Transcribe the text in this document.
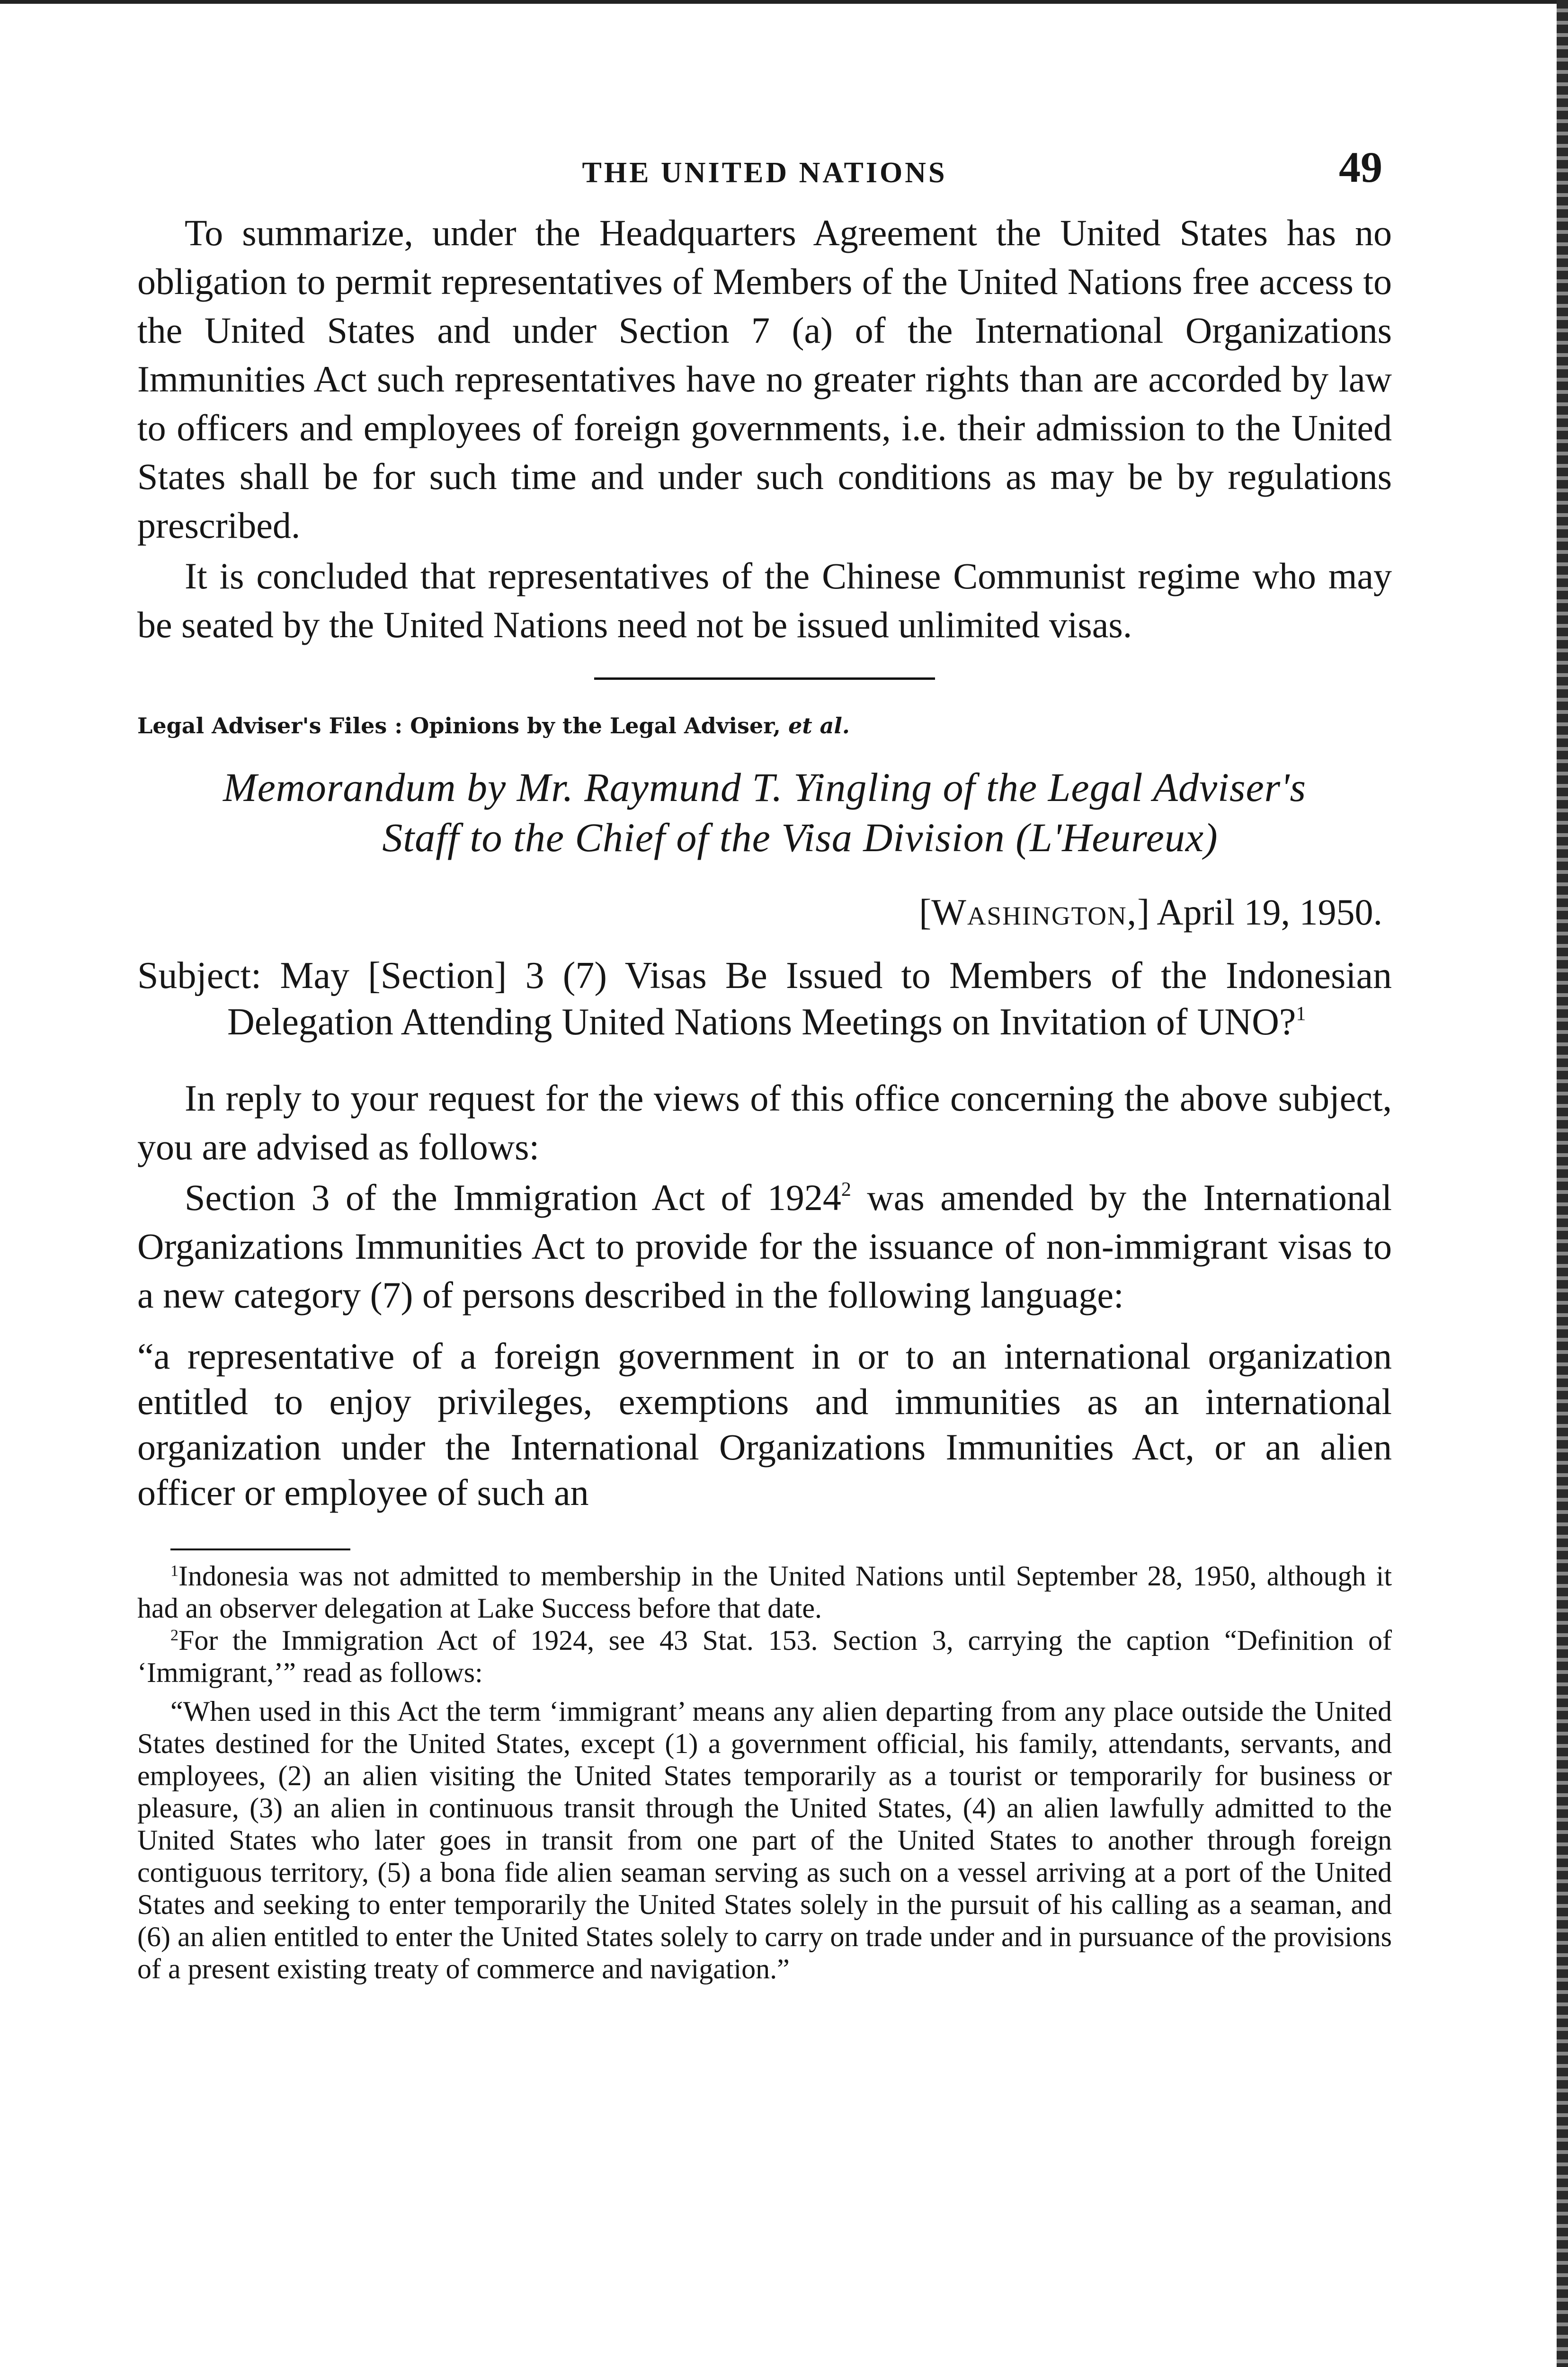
THE UNITED NATIONS	49

To summarize, under the Headquarters Agreement the United States has no obligation to permit representatives of Members of the United Nations free access to the United States and under Section 7 (a) of the International Organizations Immunities Act such representatives have no greater rights than are accorded by law to officers and employees of foreign governments, i.e. their admission to the United States shall be for such time and under such conditions as may be by regulations prescribed.

It is concluded that representatives of the Chinese Communist regime who may be seated by the United Nations need not be issued unlimited visas.

Legal Adviser's Files : Opinions by the Legal Adviser, et al.

Memorandum by Mr. Raymund T. Yingling of the Legal Adviser's
Staff to the Chief of the Visa Division (L'Heureux)

[Washington,] April 19, 1950.

Subject: May [Section] 3 (7) Visas Be Issued to Members of the Indonesian Delegation Attending United Nations Meetings on Invitation of UNO?$^1$

In reply to your request for the views of this office concerning the above subject, you are advised as follows:

Section 3 of the Immigration Act of 1924$^2$ was amended by the International Organizations Immunities Act to provide for the issuance of non-immigrant visas to a new category (7) of persons described in the following language:

“a representative of a foreign government in or to an international organization entitled to enjoy privileges, exemptions and immunities as an international organization under the International Organizations Immunities Act, or an alien officer or employee of such an

$^1$Indonesia was not admitted to membership in the United Nations until September 28, 1950, although it had an observer delegation at Lake Success before that date.

$^2$For the Immigration Act of 1924, see 43 Stat. 153. Section 3, carrying the caption “Definition of ‘Immigrant,’” read as follows:

“When used in this Act the term ‘immigrant’ means any alien departing from any place outside the United States destined for the United States, except (1) a government official, his family, attendants, servants, and employees, (2) an alien visiting the United States temporarily as a tourist or temporarily for business or pleasure, (3) an alien in continuous transit through the United States, (4) an alien lawfully admitted to the United States who later goes in transit from one part of the United States to another through foreign contiguous territory, (5) a bona fide alien seaman serving as such on a vessel arriving at a port of the United States and seeking to enter temporarily the United States solely in the pursuit of his calling as a seaman, and (6) an alien entitled to enter the United States solely to carry on trade under and in pursuance of the provisions of a present existing treaty of commerce and navigation.”
